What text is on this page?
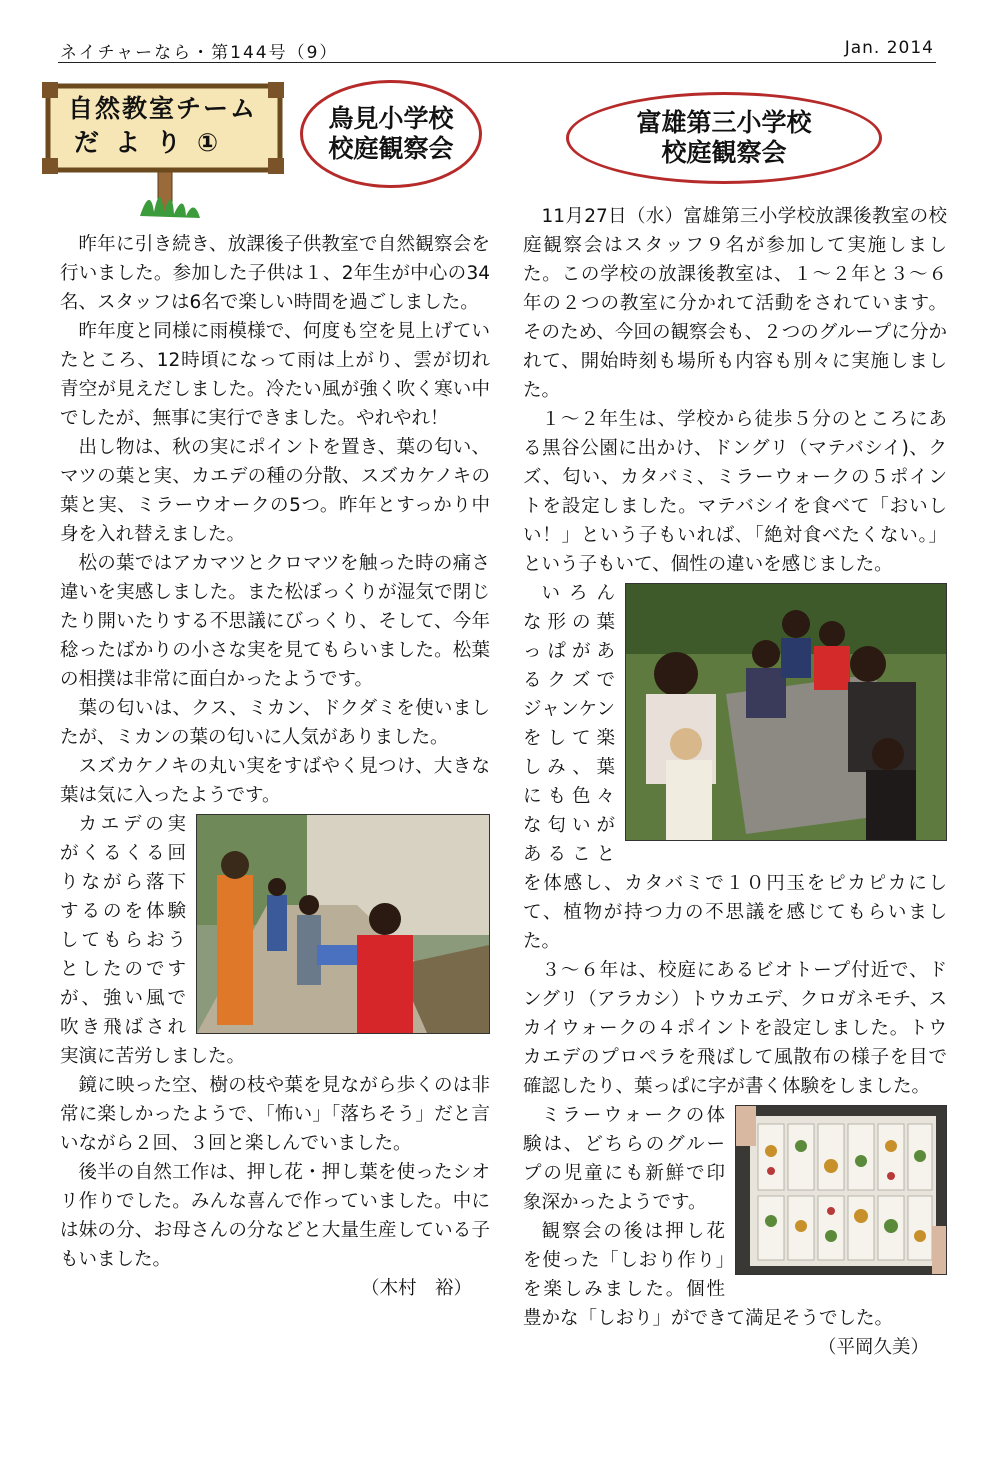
ネイチャーなら・第144号（9）	Jan. 2014
自然教室チーム
だより①
鳥見小学校
校庭観察会
富雄第三小学校
校庭観察会

昨年に引き続き、放課後子供教室で自然観察会を行いました。参加した子供は１、2年生が中心の34名、スタッフは6名で楽しい時間を過ごしました。

昨年度と同様に雨模様で、何度も空を見上げていたところ、12時頃になって雨は上がり、雲が切れ青空が見えだしました。冷たい風が強く吹く寒い中でしたが、無事に実行できました。やれやれ！

出し物は、秋の実にポイントを置き、葉の匂い、マツの葉と実、カエデの種の分散、スズカケノキの葉と実、ミラーウオークの5つ。昨年とすっかり中身を入れ替えました。

松の葉ではアカマツとクロマツを触った時の痛さ違いを実感しました。また松ぼっくりが湿気で閉じたり開いたりする不思議にびっくり、そして、今年稔ったばかりの小さな実を見てもらいました。松葉の相撲は非常に面白かったようです。

葉の匂いは、クス、ミカン、ドクダミを使いましたが、ミカンの葉の匂いに人気がありました。

スズカケノキの丸い実をすばやく見つけ、大きな葉は気に入ったようです。

カエデの実がくるくる回りながら落下するのを体験してもらおうとしたのですが、強い風で吹き飛ばされ実演に苦労しました。

鏡に映った空、樹の枝や葉を見ながら歩くのは非常に楽しかったようで、「怖い」「落ちそう」だと言いながら２回、３回と楽しんでいました。

後半の自然工作は、押し花・押し葉を使ったシオリ作りでした。みんな喜んで作っていました。中には妹の分、お母さんの分などと大量生産している子もいました。

（木村　裕）

11月27日（水）富雄第三小学校放課後教室の校庭観察会はスタッフ９名が参加して実施しました。この学校の放課後教室は、１～２年と３～６年の２つの教室に分かれて活動をされています。そのため、今回の観察会も、２つのグループに分かれて、開始時刻も場所も内容も別々に実施しました。

１～２年生は、学校から徒歩５分のところにある黒谷公園に出かけ、ドングリ（マテバシイ)、クズ、匂い、カタバミ、ミラーウォークの５ポイントを設定しました。マテバシイを食べて「おいしい！」という子もいれば､「絶対食べたくない。」という子もいて、個性の違いを感じました。

いろんな形の葉っぱがあるクズでジャンケンをして楽しみ、葉にも色々な匂いがあることを体感し、カタバミで１０円玉をピカピカにして、植物が持つ力の不思議を感じてもらいました。

３～６年は、校庭にあるビオトープ付近で、ドングリ（アラカシ）トウカエデ、クロガネモチ、スカイウォークの４ポイントを設定しました。トウカエデのプロペラを飛ばして風散布の様子を目で確認したり、葉っぱに字が書く体験をしました。

ミラーウォークの体験は、どちらのグループの児童にも新鮮で印象深かったようです。

観察会の後は押し花を使った「しおり作り」を楽しみました。個性豊かな「しおり」ができて満足そうでした。

（平岡久美）
